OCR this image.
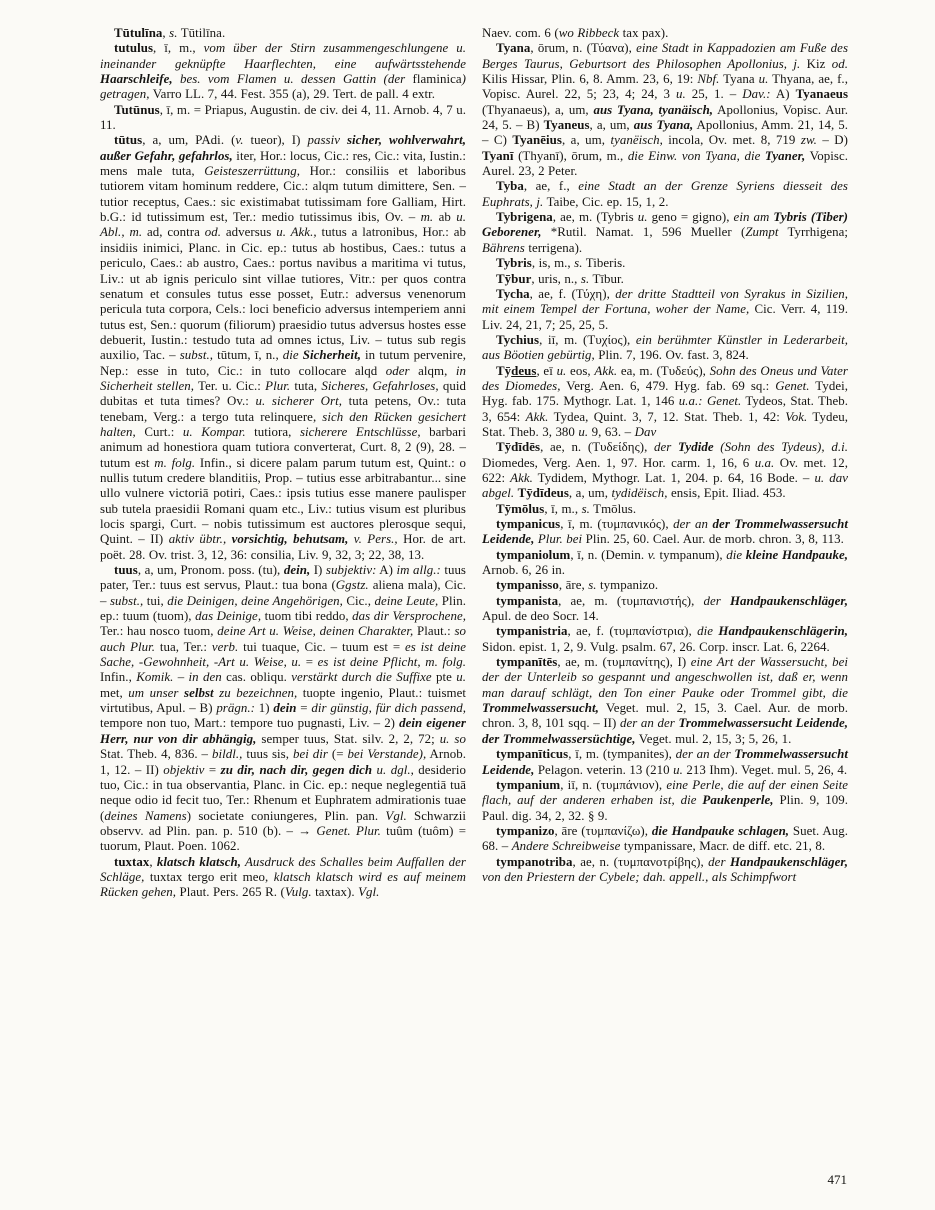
Tūtulīna, s. Tūtilīna.

tutulus, ī, m., vom über der Stirn zusammengeschlungene u. ineinander geknüpfte Haarflechten, eine aufwärtsstehende Haarschleife, bes. vom Flamen u. dessen Gattin (der flaminica) getragen, Varro LL. 7, 44. Fest. 355 (a), 29. Tert. de pall. 4 extr.

Tutūnus, ī, m. = Priapus, Augustin. de civ. dei 4, 11. Arnob. 4, 7 u. 11.

tūtus, a, um, PAdi. (v. tueor), I) passiv sicher, wohlverwahrt, außer Gefahr, gefahrlos, iter, Hor.: locus, Cic.: res, Cic.: vita, Iustin.: mens male tuta, Geisteszerrüttung, Hor.: consiliis et laboribus tutiorem vitam hominum reddere, Cic.: alqm tutum dimittere, Sen. – tutior receptus, Caes.: sic existimabat tutissimam fore Galliam, Hirt. b.G.: id tutissimum est, Ter.: medio tutissimus ibis, Ov. – m. ab u. Abl., m. ad, contra od. adversus u. Akk., tutus a latronibus, Hor.: ab insidiis inimici, Planc. in Cic. ep.: tutus ab hostibus, Caes.: tutus a periculo, Caes.: ab austro, Caes.: portus navibus a maritima vi tutus, Liv.: ut ab ignis periculo sint villae tutiores, Vitr.: per quos contra senatum et consules tutus esse posset, Eutr.: adversus venenorum pericula tuta corpora, Cels.: loci beneficio adversus intemperiem anni tutus est, Sen.: quorum (filiorum) praesidio tutus adversus hostes esse debuerit, Iustin.: testudo tuta ad omnes ictus, Liv. – tutus sub regis auxilio, Tac. – subst., tūtum, ī, n., die Sicherheit, in tutum pervenire, Nep.: esse in tuto, Cic.: in tuto collocare alqd oder alqm, in Sicherheit stellen, Ter. u. Cic.: Plur. tuta, Sicheres, Gefahrloses, quid dubitas et tuta times? Ov.: u. sicherer Ort, tuta petens, Ov.: tuta tenebam, Verg.: a tergo tuta relinquere, sich den Rücken gesichert halten, Curt.: u. Kompar. tutiora, sicherere Entschlüsse, barbari animum ad honestiora quam tutiora converterat, Curt. 8, 2 (9), 28. – tutum est m. folg. Infin., si dicere palam parum tutum est, Quint.: o nullis tutum credere blanditiis, Prop. – tutius esse arbitrabantur... sine ullo vulnere victoriā potiri, Caes.: ipsis tutius esse manere paulisper sub tutela praesidii Romani quam etc., Liv.: tutius visum est pluribus locis spargi, Curt. – nobis tutissimum est auctores plerosque sequi, Quint. – II) aktiv übtr., vorsichtig, behutsam, v. Pers., Hor. de art. poët. 28. Ov. trist. 3, 12, 36: consilia, Liv. 9, 32, 3; 22, 38, 13.

tuus, a, um, Pronom. poss. (tu), dein, I) subjektiv: A) im allg.: tuus pater, Ter.: tuus est servus, Plaut.: tua bona (Ggstz. aliena mala), Cic. – subst., tui, die Deinigen, deine Angehörigen, Cic., deine Leute, Plin. ep.: tuum (tuom), das Deinige, tuom tibi reddo, das dir Versprochene, Ter.: hau nosco tuom, deine Art u. Weise, deinen Charakter, Plaut.: so auch Plur. tua, Ter.: verb. tui tuaque, Cic. – tuum est = es ist deine Sache, -Gewohnheit, -Art u. Weise, u. = es ist deine Pflicht, m. folg. Infin., Komik. – in den cas. obliqu. verstärkt durch die Suffixe pte u. met, um unser selbst zu bezeichnen, tuopte ingenio, Plaut.: tuismet virtutibus, Apul. – B) prägn.: 1) dein = dir günstig, für dich passend, tempore non tuo, Mart.: tempore tuo pugnasti, Liv. – 2) dein eigener Herr, nur von dir abhängig, semper tuus, Stat. silv. 2, 2, 72; u. so Stat. Theb. 4, 836. – bildl., tuus sis, bei dir (= bei Verstande), Arnob. 1, 12. – II) objektiv = zu dir, nach dir, gegen dich u. dgl., desiderio tuo, Cic.: in tua observantia, Planc. in Cic. ep.: neque neglegentiā tuā neque odio id fecit tuo, Ter.: Rhenum et Euphratem admirationis tuae (deines Namens) societate coniungeres, Plin. pan. Vgl. Schwarzii observv. ad Plin. pan. p. 510 (b). – → Genet. Plur. tuûm (tuôm) = tuorum, Plaut. Poen. 1062.

tuxtax, klatsch klatsch, Ausdruck des Schalles beim Auffallen der Schläge, tuxtax tergo erit meo, klatsch klatsch wird es auf meinem Rücken gehen, Plaut. Pers. 265 R. (Vulg. taxtax). Vgl.

Naev. com. 6 (wo Ribbeck tax pax).

Tyana, ōrum, n. (Τύανα), eine Stadt in Kappadozien am Fuße des Berges Taurus, Geburtsort des Philosophen Apollonius, j. Kiz od. Kilis Hissar, Plin. 6, 8. Amm. 23, 6, 19: Nbf. Tyana u. Thyana, ae, f., Vopisc. Aurel. 22, 5; 23, 4; 24, 3 u. 25, 1. – Dav.: A) Tyanaeus (Thyanaeus), a, um, aus Tyana, tyanäisch, Apollonius, Vopisc. Aur. 24, 5. – B) Tyaneus, a, um, aus Tyana, Apollonius, Amm. 21, 14, 5. – C) Tyanēius, a, um, tyanëisch, incola, Ov. met. 8, 719 zw. – D) Tyanī (Thyanī), ōrum, m., die Einw. von Tyana, die Tyaner, Vopisc. Aurel. 23, 2 Peter.

Tyba, ae, f., eine Stadt an der Grenze Syriens diesseit des Euphrats, j. Taibe, Cic. ep. 15, 1, 2.

Tybrigena, ae, m. (Tybris u. geno = gigno), ein am Tybris (Tiber) Geborener, *Rutil. Namat. 1, 596 Mueller (Zumpt Tyrrhigena; Bährens terrigena).

Tybris, is, m., s. Tiberis.

Tȳbur, uris, n., s. Tībur.

Tycha, ae, f. (Τύχη), der dritte Stadtteil von Syrakus in Sizilien, mit einem Tempel der Fortuna, woher der Name, Cic. Verr. 4, 119. Liv. 24, 21, 7; 25, 25, 5.

Tychius, iī, m. (Τυχίος), ein berühmter Künstler in Lederarbeit, aus Böotien gebürtig, Plin. 7, 196. Ov. fast. 3, 824.

Tȳdeus, eī u. eos, Akk. ea, m. (Τυδεύς), Sohn des Oneus und Vater des Diomedes, Verg. Aen. 6, 479. Hyg. fab. 69 sq.: Genet. Tydei, Hyg. fab. 175. Mythogr. Lat. 1, 146 u.a.: Genet. Tydeos, Stat. Theb. 3, 654: Akk. Tydea, Quint. 3, 7, 12. Stat. Theb. 1, 42: Vok. Tydeu, Stat. Theb. 3, 380 u. 9, 63. – Dav

Tȳdīdēs, ae, n. (Τυδείδης), der Tydide (Sohn des Tydeus), d.i. Diomedes, Verg. Aen. 1, 97. Hor. carm. 1, 16, 6 u.a. Ov. met. 12, 622: Akk. Tydidem, Mythogr. Lat. 1, 204. p. 64, 16 Bode. – u. dav abgel. Tȳdīdeus, a, um, tydidëisch, ensis, Epit. Iliad. 453.

Tȳmōlus, ī, m., s. Tmōlus.

tympanicus, ī, m. (τυμπανικός), der an der Trommelwassersucht Leidende, Plur. bei Plin. 25, 60. Cael. Aur. de morb. chron. 3, 8, 113.

tympaniolum, ī, n. (Demin. v. tympanum), die kleine Handpauke, Arnob. 6, 26 in.

tympanisso, āre, s. tympanizo.

tympanista, ae, m. (τυμπανιστής), der Handpaukenschläger, Apul. de deo Socr. 14.

tympanistria, ae, f. (τυμπανίστρια), die Handpaukenschlägerin, Sidon. epist. 1, 2, 9. Vulg. psalm. 67, 26. Corp. inscr. Lat. 6, 2264.

tympanītēs, ae, m. (τυμπανίτης), I) eine Art der Wassersucht, bei der der Unterleib so gespannt und angeschwollen ist, daß er, wenn man darauf schlägt, den Ton einer Pauke oder Trommel gibt, die Trommelwassersucht, Veget. mul. 2, 15, 3. Cael. Aur. de morb. chron. 3, 8, 101 sqq. – II) der an der Trommelwassersucht Leidende, der Trommelwassersüchtige, Veget. mul. 2, 15, 3; 5, 26, 1.

tympanīticus, ī, m. (tympanites), der an der Trommelwassersucht Leidende, Pelagon. veterin. 13 (210 u. 213 Ihm). Veget. mul. 5, 26, 4.

tympanium, iī, n. (τυμπάνιον), eine Perle, die auf der einen Seite flach, auf der anderen erhaben ist, die Paukenperle, Plin. 9, 109. Paul. dig. 34, 2, 32. § 9.

tympanizo, āre (τυμπανίζω), die Handpauke schlagen, Suet. Aug. 68. – Andere Schreibweise tympanissare, Macr. de diff. etc. 21, 8.

tympanotriba, ae, n. (τυμπανοτρίβης), der Handpaukenschläger, von den Priestern der Cybele; dah. appell., als Schimpfwort

471
